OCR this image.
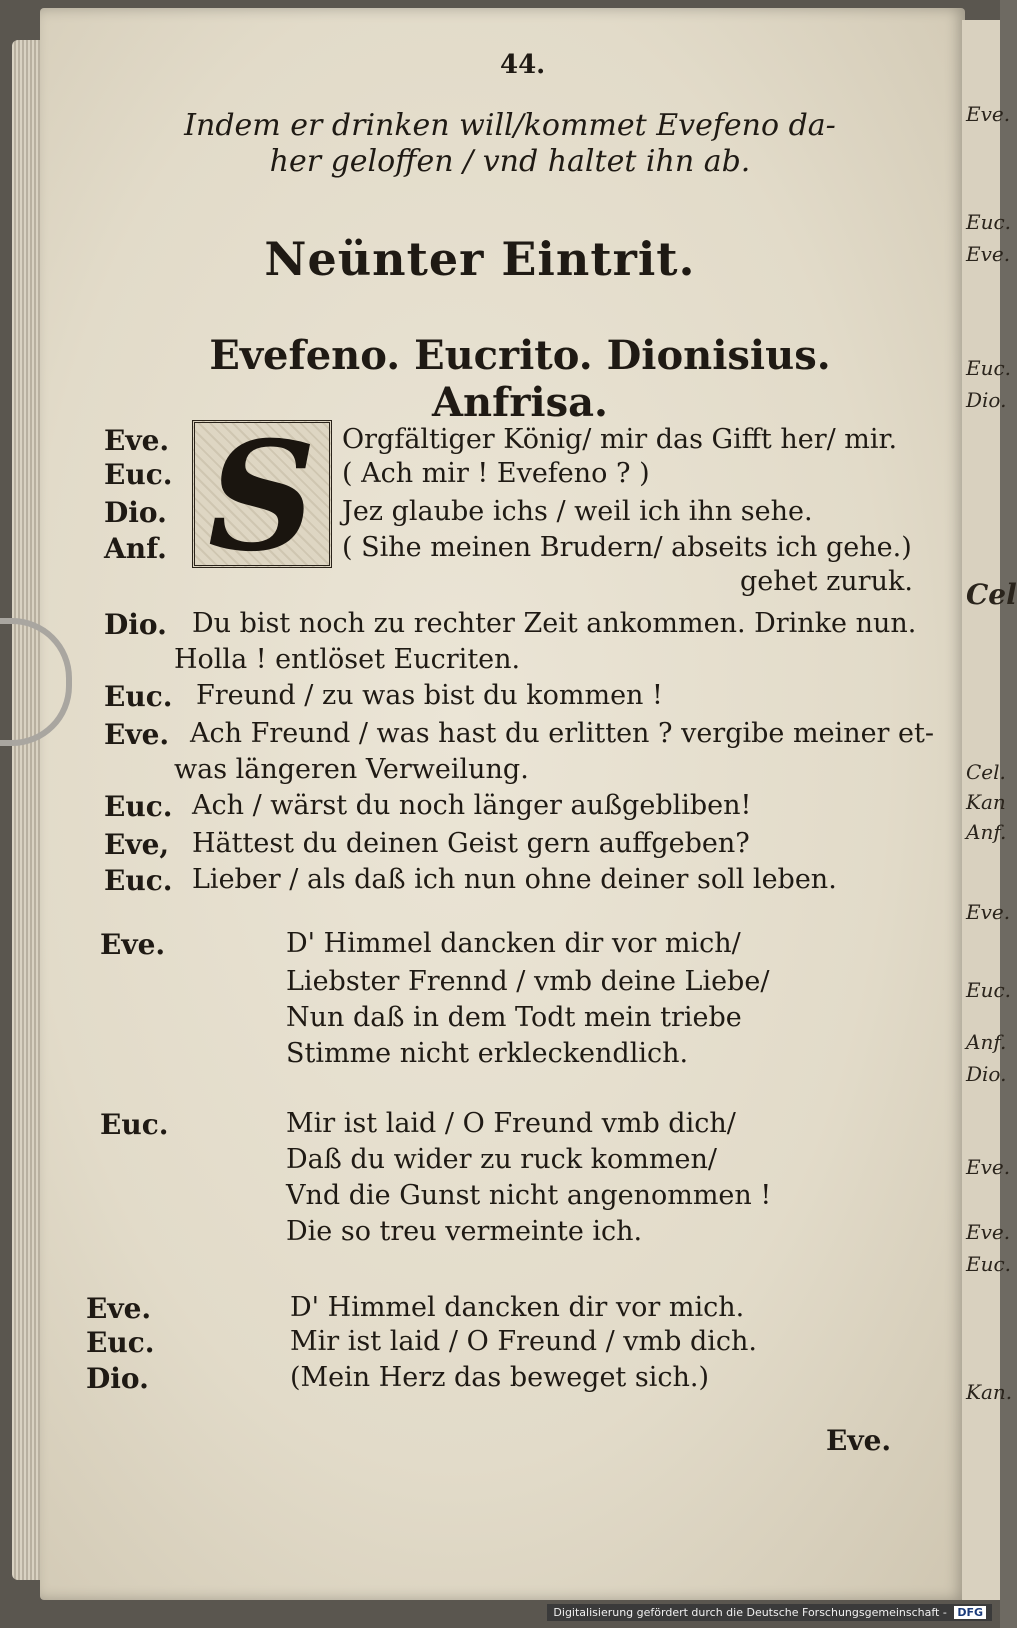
Eve.
Euc.
Eve.
Euc.
Dio.
Cel
Cel.
Kan
Anf.
Eve.
Euc.
Anf.
Dio.
Eve.
Eve.
Euc.
Kan.
44.
Indem er drinken will/kommet Evefeno da-
her geloffen / vnd haltet ihn ab.
Neünter Eintrit.
Evefeno. Eucrito. Dionisius. Anfrisa.
Eve.
Euc.
Dio.
Anf. S Orgfältiger König/ mir das Gifft her/ mir.
( Ach mir ! Evefeno ? )
Jez glaube ichs / weil ich ihn sehe.
( Sihe meinen Brudern/ abseits ich gehe.)
gehet zuruk.
Dio. Du bist noch zu rechter Zeit ankommen. Drinke nun.
Holla ! entlöset Eucriten.
Euc. Freund / zu was bist du kommen !
Eve. Ach Freund / was hast du erlitten ? vergibe meiner et-
was längeren Verweilung.
Euc. Ach / wärst du noch länger außgebliben!
Eve, Hättest du deinen Geist gern auffgeben?
Euc. Lieber / als daß ich nun ohne deiner soll leben.
Eve.	D' Himmel dancken dir vor mich/
Liebster Frennd / vmb deine Liebe/
Nun daß in dem Todt mein triebe
Stimme nicht erkleckendlich.
Euc.	Mir ist laid / O Freund vmb dich/
Daß du wider zu ruck kommen/
Vnd die Gunst nicht angenommen !
Die so treu vermeinte ich.
Eve.
Euc.
Dio.
D' Himmel dancken dir vor mich.
Mir ist laid / O Freund / vmb dich.
(Mein Herz das beweget sich.)
Eve.
Digitalisierung gefördert durch die Deutsche Forschungsgemeinschaft - DFG
